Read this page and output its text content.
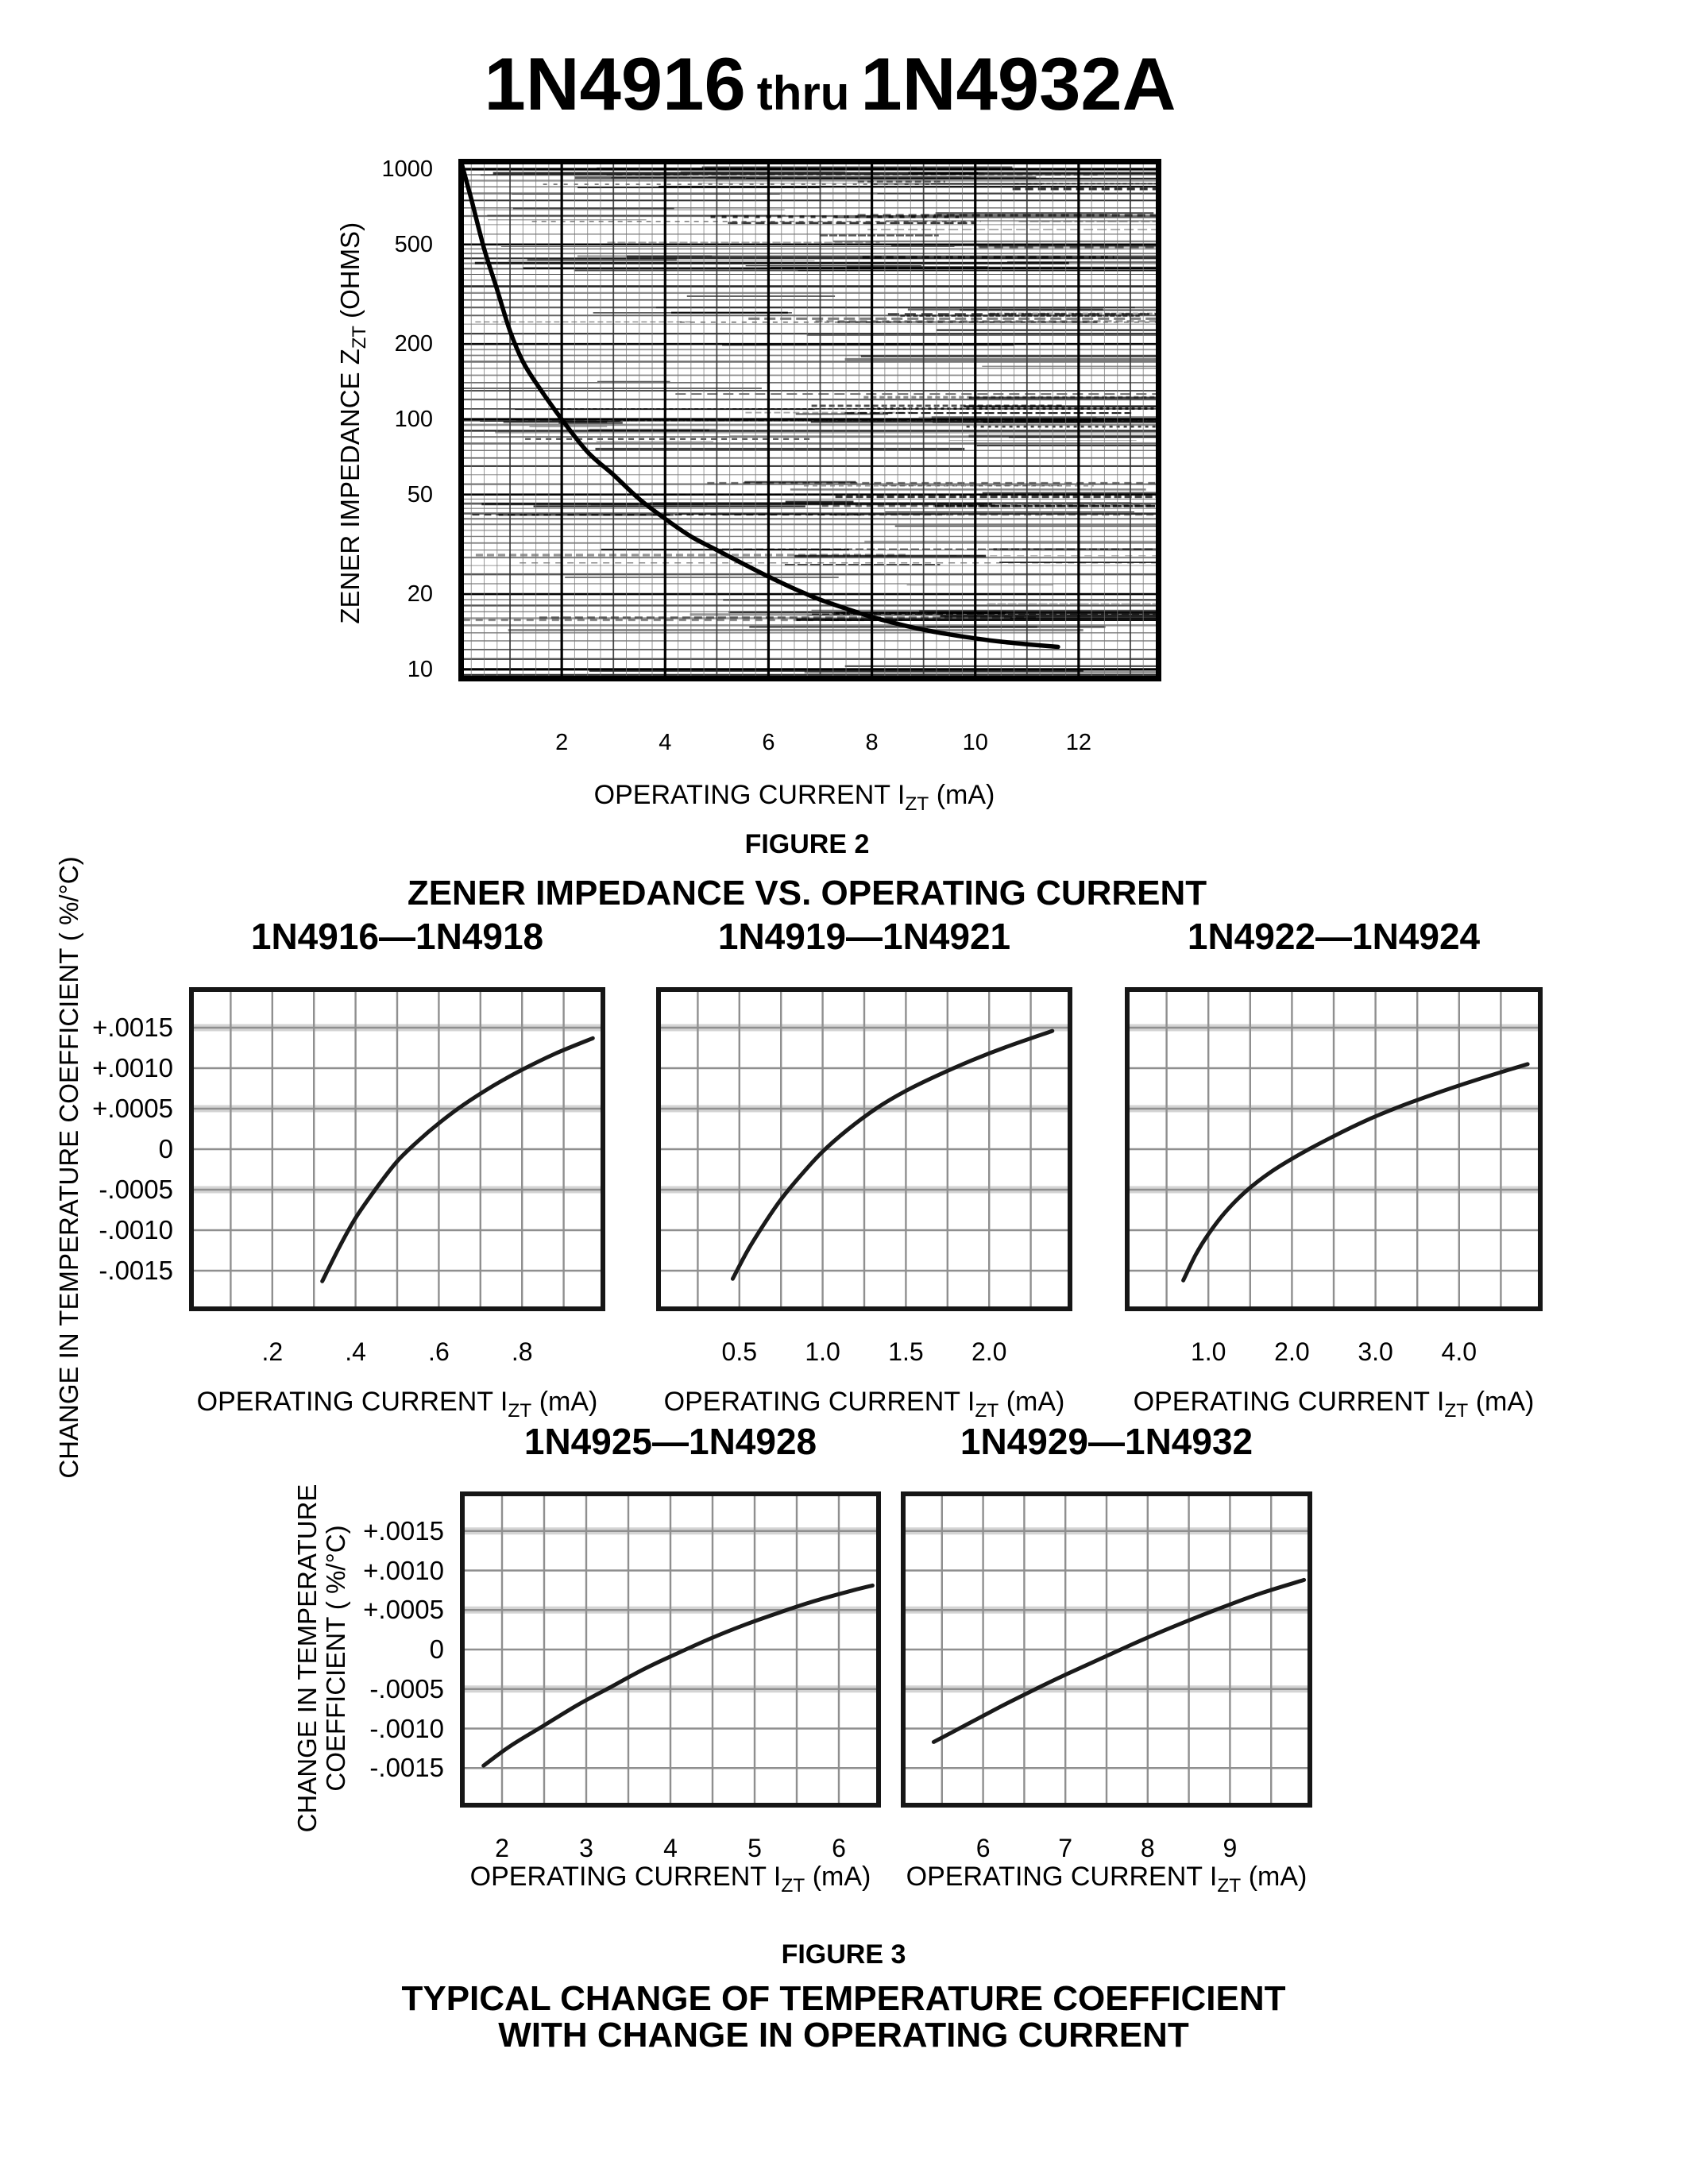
1N4916 thru 1N4932A
ZENER IMPEDANCE $Z_{ZT}$ (OHMS)
1000
500
200
100
50
20
10
2	4	6	8	10	12
OPERATING CURRENT $I_{ZT}$ (mA)
FIGURE 2
ZENER IMPEDANCE VS. OPERATING CURRENT
CHANGE IN TEMPERATURE COEFFICIENT ( %/°C)	1N4916—1N4918	1N4919—1N4921	1N4922—1N4924
.2 .4 .6 .8
+.0015
+.0010
+.0005
0
-.0005
-.0010
-.0015
0.5 1.0 1.5 2.0	1.0 2.0 3.0 4.0
OPERATING CURRENT $I_{ZT}$ (mA) OPERATING CURRENT $I_{ZT}$ (mA)	OPERATING CURRENT $I_{ZT}$ (mA)
CHANGE IN TEMPERATURE COEFFICIENT ( %/°C)
1N4925—1N4928	1N4929—1N4932
2	3	4	5	6
+.0015
+.0010
+.0005
0
-.0005
-.0010
-.0015
6	7	8	9
OPERATING CURRENT $I_{ZT}$ (mA) OPERATING CURRENT $I_{ZT}$ (mA)
FIGURE 3
TYPICAL CHANGE OF TEMPERATURE COEFFICIENT
WITH CHANGE IN OPERATING CURRENT
